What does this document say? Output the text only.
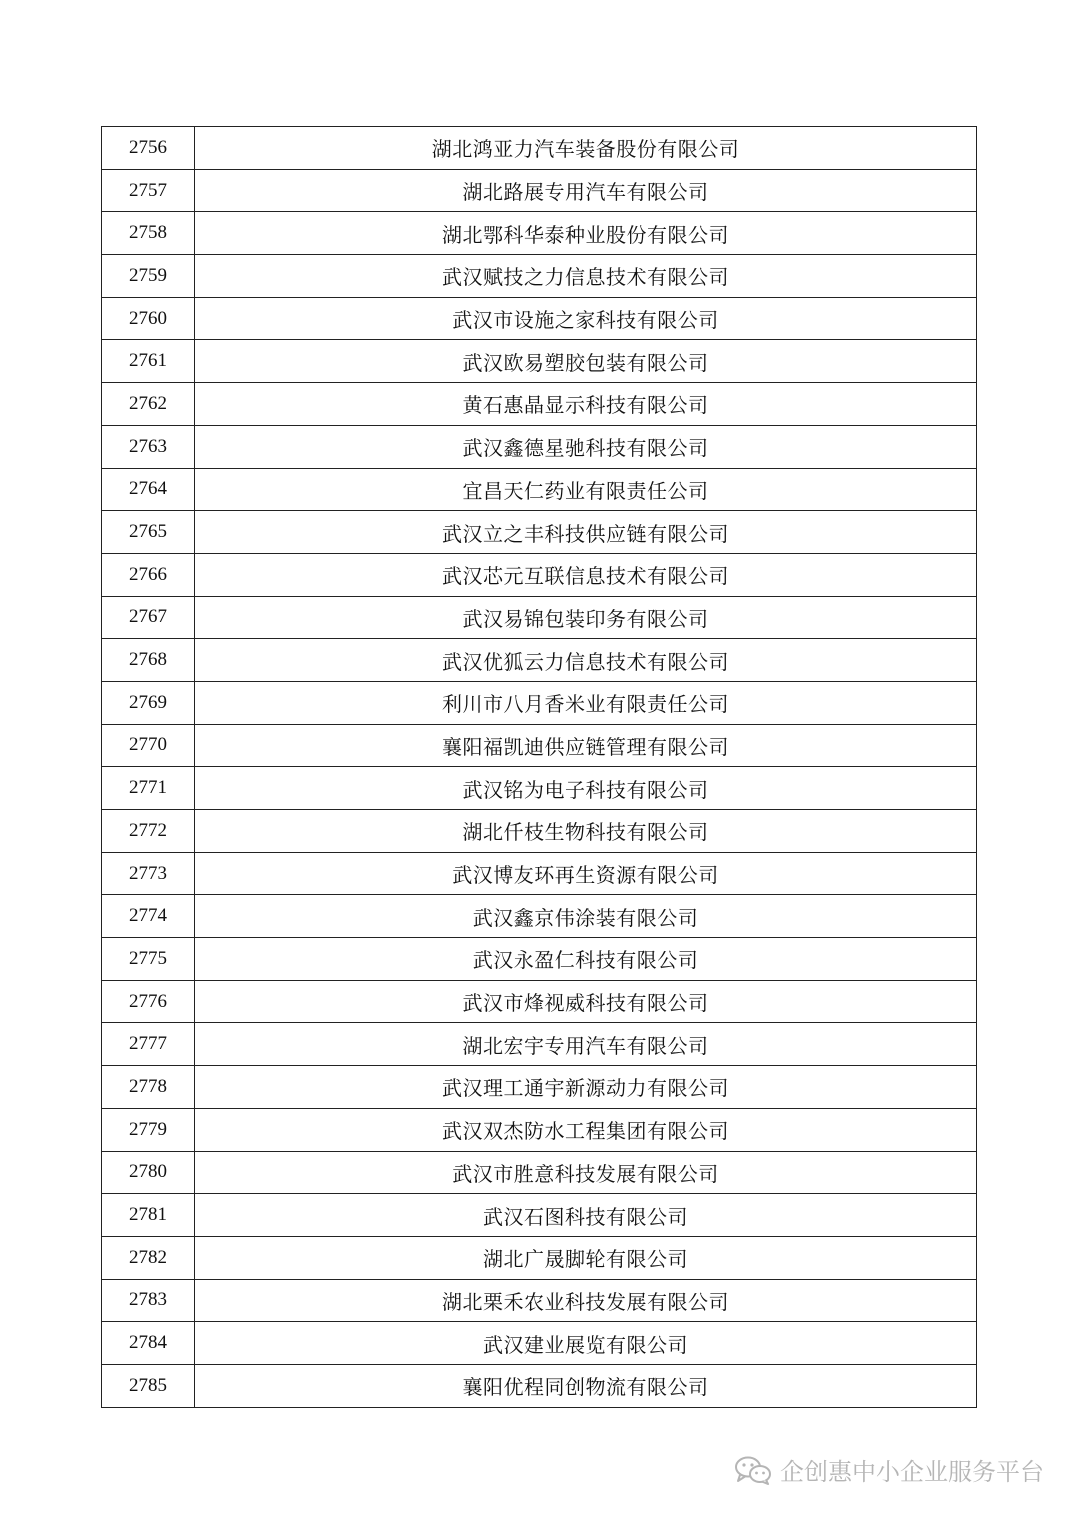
2756	湖北鸿亚力汽车装备股份有限公司
2757	湖北路展专用汽车有限公司
2758	湖北鄂科华泰种业股份有限公司
2759	武汉赋技之力信息技术有限公司
2760	武汉市设施之家科技有限公司
2761	武汉欧易塑胶包装有限公司
2762	黄石惠晶显示科技有限公司
2763	武汉鑫德星驰科技有限公司
2764	宜昌天仁药业有限责任公司
2765	武汉立之丰科技供应链有限公司
2766	武汉芯元互联信息技术有限公司
2767	武汉易锦包装印务有限公司
2768	武汉优狐云力信息技术有限公司
2769	利川市八月香米业有限责任公司
2770	襄阳福凯迪供应链管理有限公司
2771	武汉铭为电子科技有限公司
2772	湖北仟枝生物科技有限公司
2773	武汉博友环再生资源有限公司
2774	武汉鑫京伟涂装有限公司
2775	武汉永盈仁科技有限公司
2776	武汉市烽视威科技有限公司
2777	湖北宏宇专用汽车有限公司
2778	武汉理工通宇新源动力有限公司
2779	武汉双杰防水工程集团有限公司
2780	武汉市胜意科技发展有限公司
2781	武汉石图科技有限公司
2782	湖北广晟脚轮有限公司
2783	湖北栗禾农业科技发展有限公司
2784	武汉建业展览有限公司
2785	襄阳优程同创物流有限公司
企创惠中小企业服务平台
